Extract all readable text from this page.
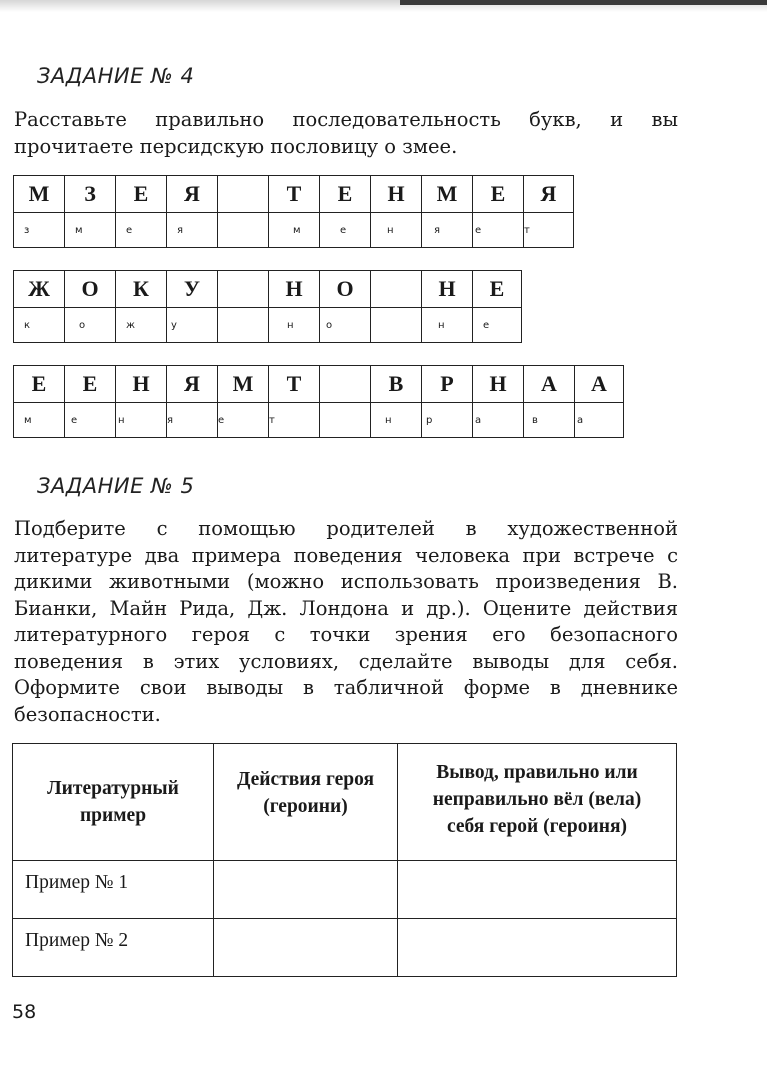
ЗАДАНИЕ № 4
Расставьте правильно последовательность букв, и вы прочитаете персидскую пословицу о змее.
М	З	Е	Я		Т	Е	Н	М	Е	Я
з	м	е	я		м	е	н	я	е	т
Ж	О	К	У		Н	О		Н	Е
к	о	ж	у		н	о		н	е
Е	Е	Н	Я	М	Т		В	Р	Н	А	А
м	е	н	я	е	т		н	р	а	в	а
ЗАДАНИЕ № 5
Подберите с помощью родителей в художественной литературе два примера поведения человека при встрече с дикими животными (можно использовать произведения В. Бианки, Майн Рида, Дж. Лондона и др.). Оцените действия литературного героя с точки зрения его безопасного поведения в этих условиях, сделайте выводы для себя. Оформите свои выводы в табличной форме в дневнике безопасности.
Литературный пример	Действия героя (героини)	Вывод, правильно или неправильно вёл (вела) себя герой (героиня)
Пример № 1		
Пример № 2		
58
